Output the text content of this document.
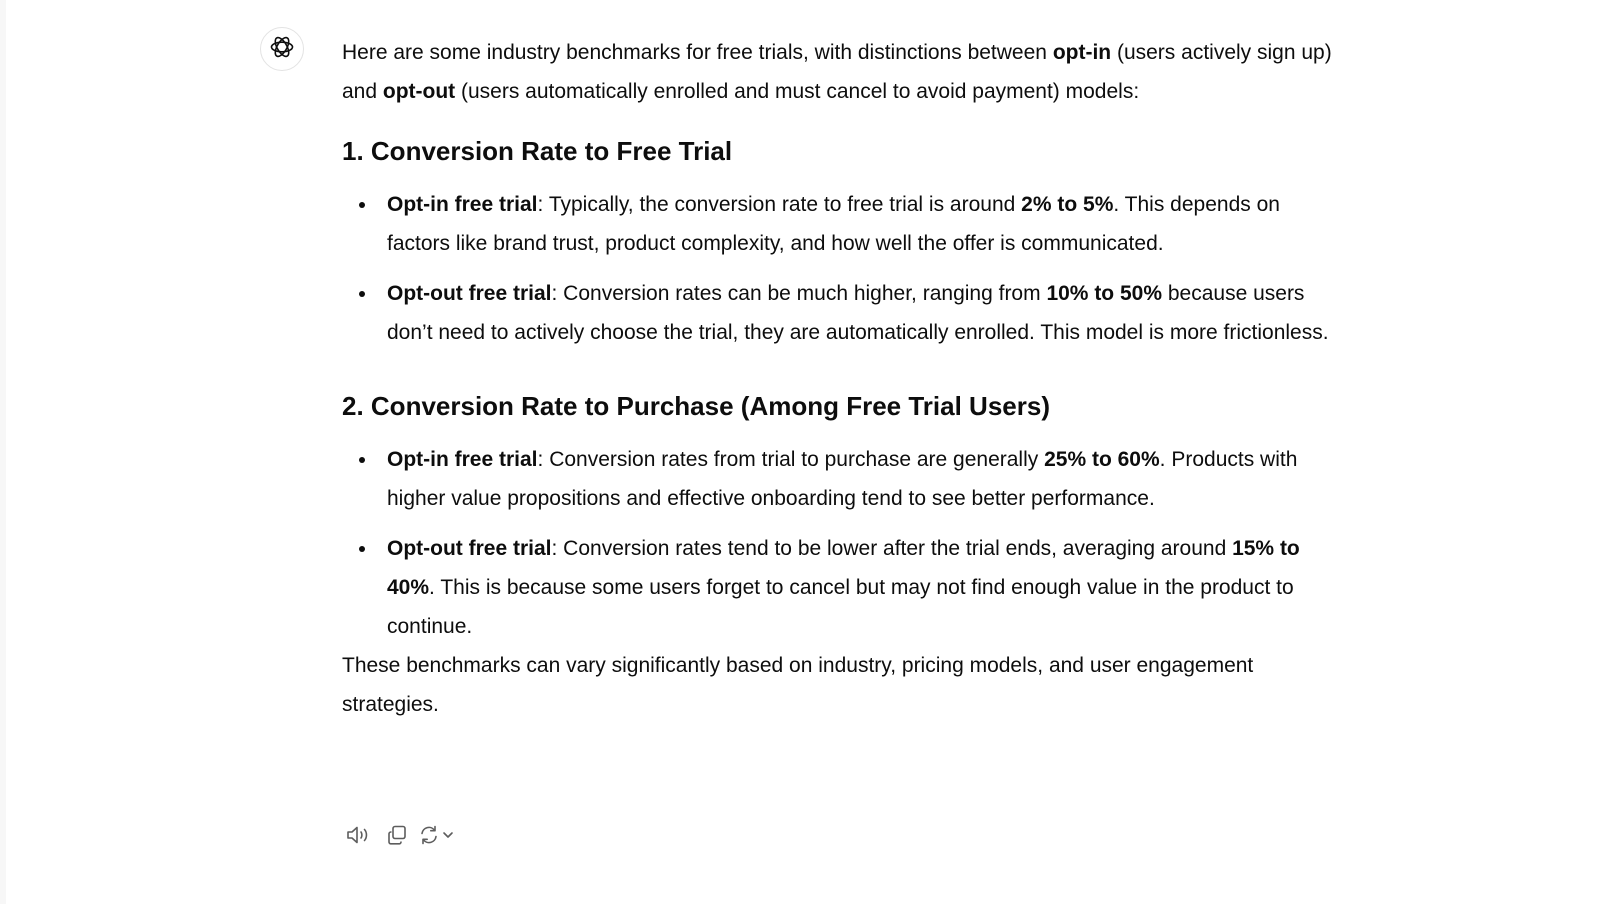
Here are some industry benchmarks for free trials, with distinctions between opt-in (users actively sign up) and opt-out (users automatically enrolled and must cancel to avoid payment) models:

1. Conversion Rate to Free Trial
Opt-in free trial: Typically, the conversion rate to free trial is around 2% to 5%. This depends on factors like brand trust, product complexity, and how well the offer is communicated.
Opt-out free trial: Conversion rates can be much higher, ranging from 10% to 50% because users don’t need to actively choose the trial, they are automatically enrolled. This model is more frictionless.
2. Conversion Rate to Purchase (Among Free Trial Users)
Opt-in free trial: Conversion rates from trial to purchase are generally 25% to 60%. Products with higher value propositions and effective onboarding tend to see better performance.
Opt-out free trial: Conversion rates tend to be lower after the trial ends, averaging around 15% to 40%. This is because some users forget to cancel but may not find enough value in the product to continue.

These benchmarks can vary significantly based on industry, pricing models, and user engagement strategies.
